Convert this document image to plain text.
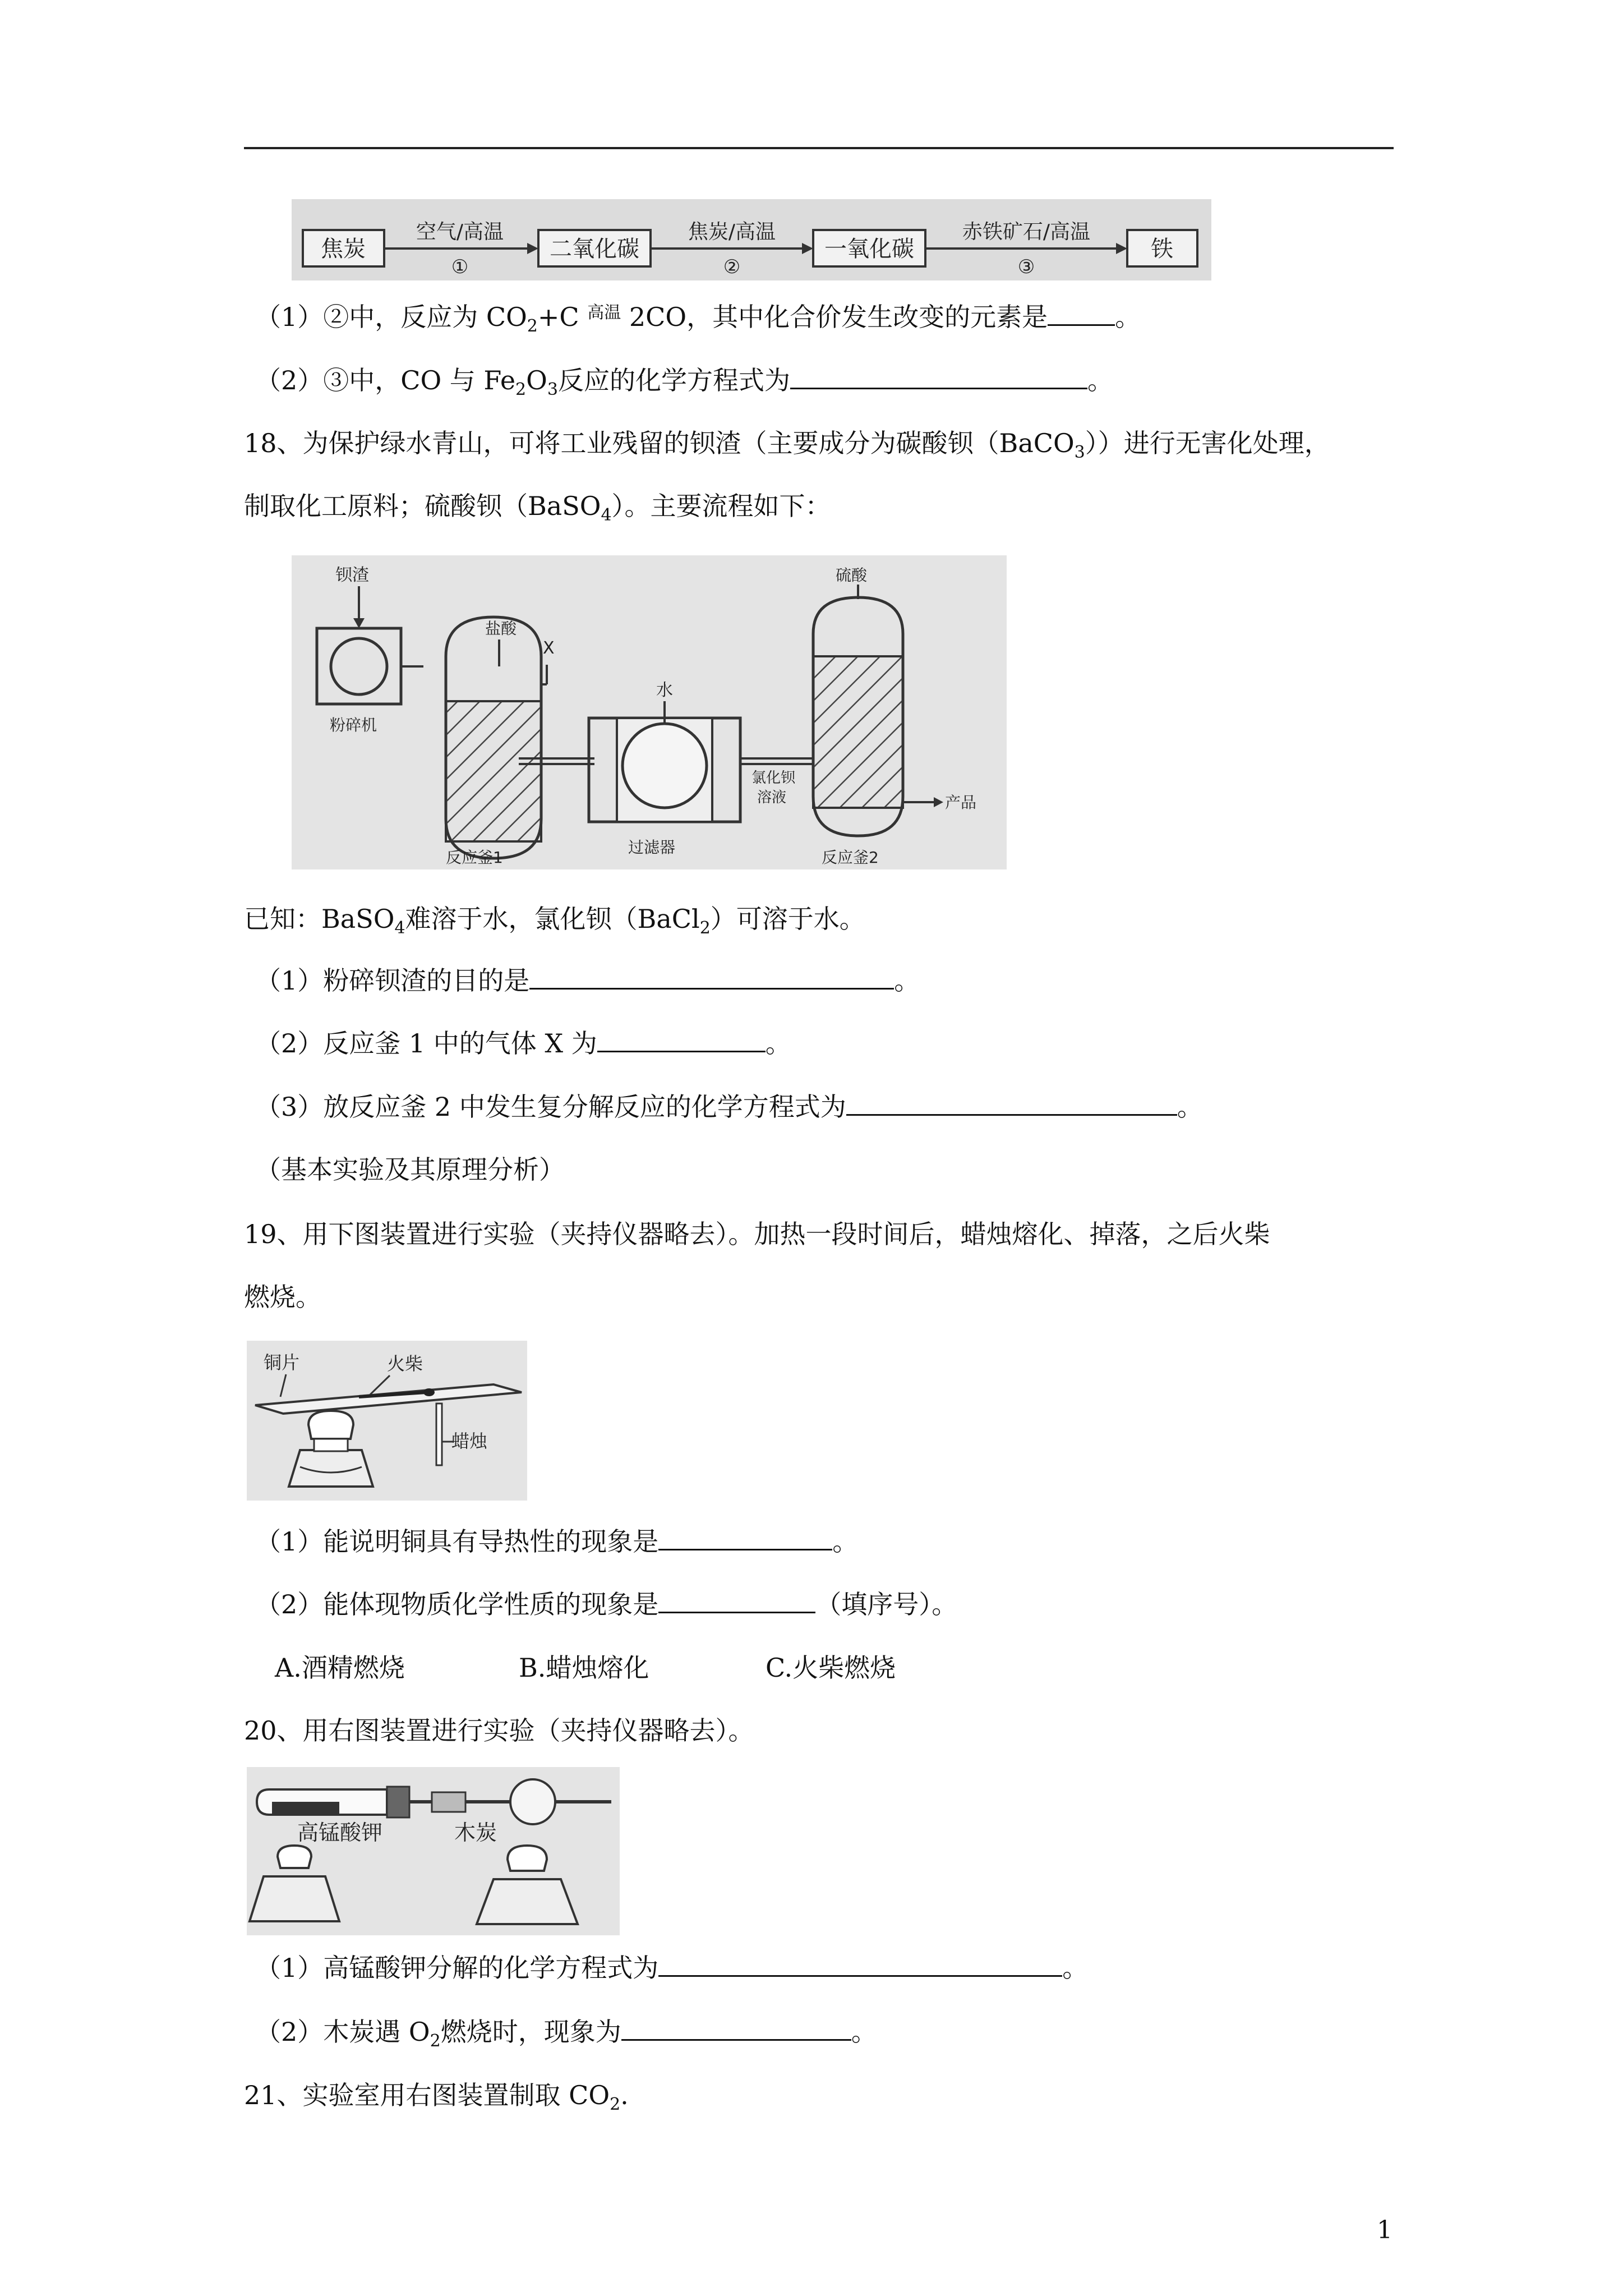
焦炭	二氧化碳	一氧化碳	铁
空气/高温
①
焦炭/高温
②
赤铁矿石/高温
③
（1）②中，反应为 $CO_2+C$ $^{高温}$ 2CO，其中化合价发生改变的元素是	。
（2）③中，CO 与 $Fe_2O_3$反应的化学方程式为	。
18、为保护绿水青山，可将工业残留的钡渣（主要成分为碳酸钡（BaCO$_3$））进行无害化处理，
制取化工原料；硫酸钡（BaSO$_4$）。主要流程如下：
钡渣
粉碎机
盐酸
X
反应釜1
水
过滤器
氯化钡
溶液
硫酸
反应釜2
产品
已知：BaSO$_4$难溶于水，氯化钡（BaCl$_2$）可溶于水。
（1）粉碎钡渣的目的是	。
（2）反应釜 1 中的气体 X 为	。
（3）放反应釜 2 中发生复分解反应的化学方程式为	。
（基本实验及其原理分析）
19、用下图装置进行实验（夹持仪器略去）。加热一段时间后，蜡烛熔化、掉落，之后火柴
燃烧。
铜片	火柴
蜡烛
（1）能说明铜具有导热性的现象是	。
（2）能体现物质化学性质的现象是	（填序号）。
A.酒精燃烧	B.蜡烛熔化	C.火柴燃烧
20、用右图装置进行实验（夹持仪器略去）。
高锰酸钾	木炭
（1）高锰酸钾分解的化学方程式为	。
（2）木炭遇 $O_2$燃烧时，现象为	。
21、实验室用右图装置制取 $CO_2$.
1
